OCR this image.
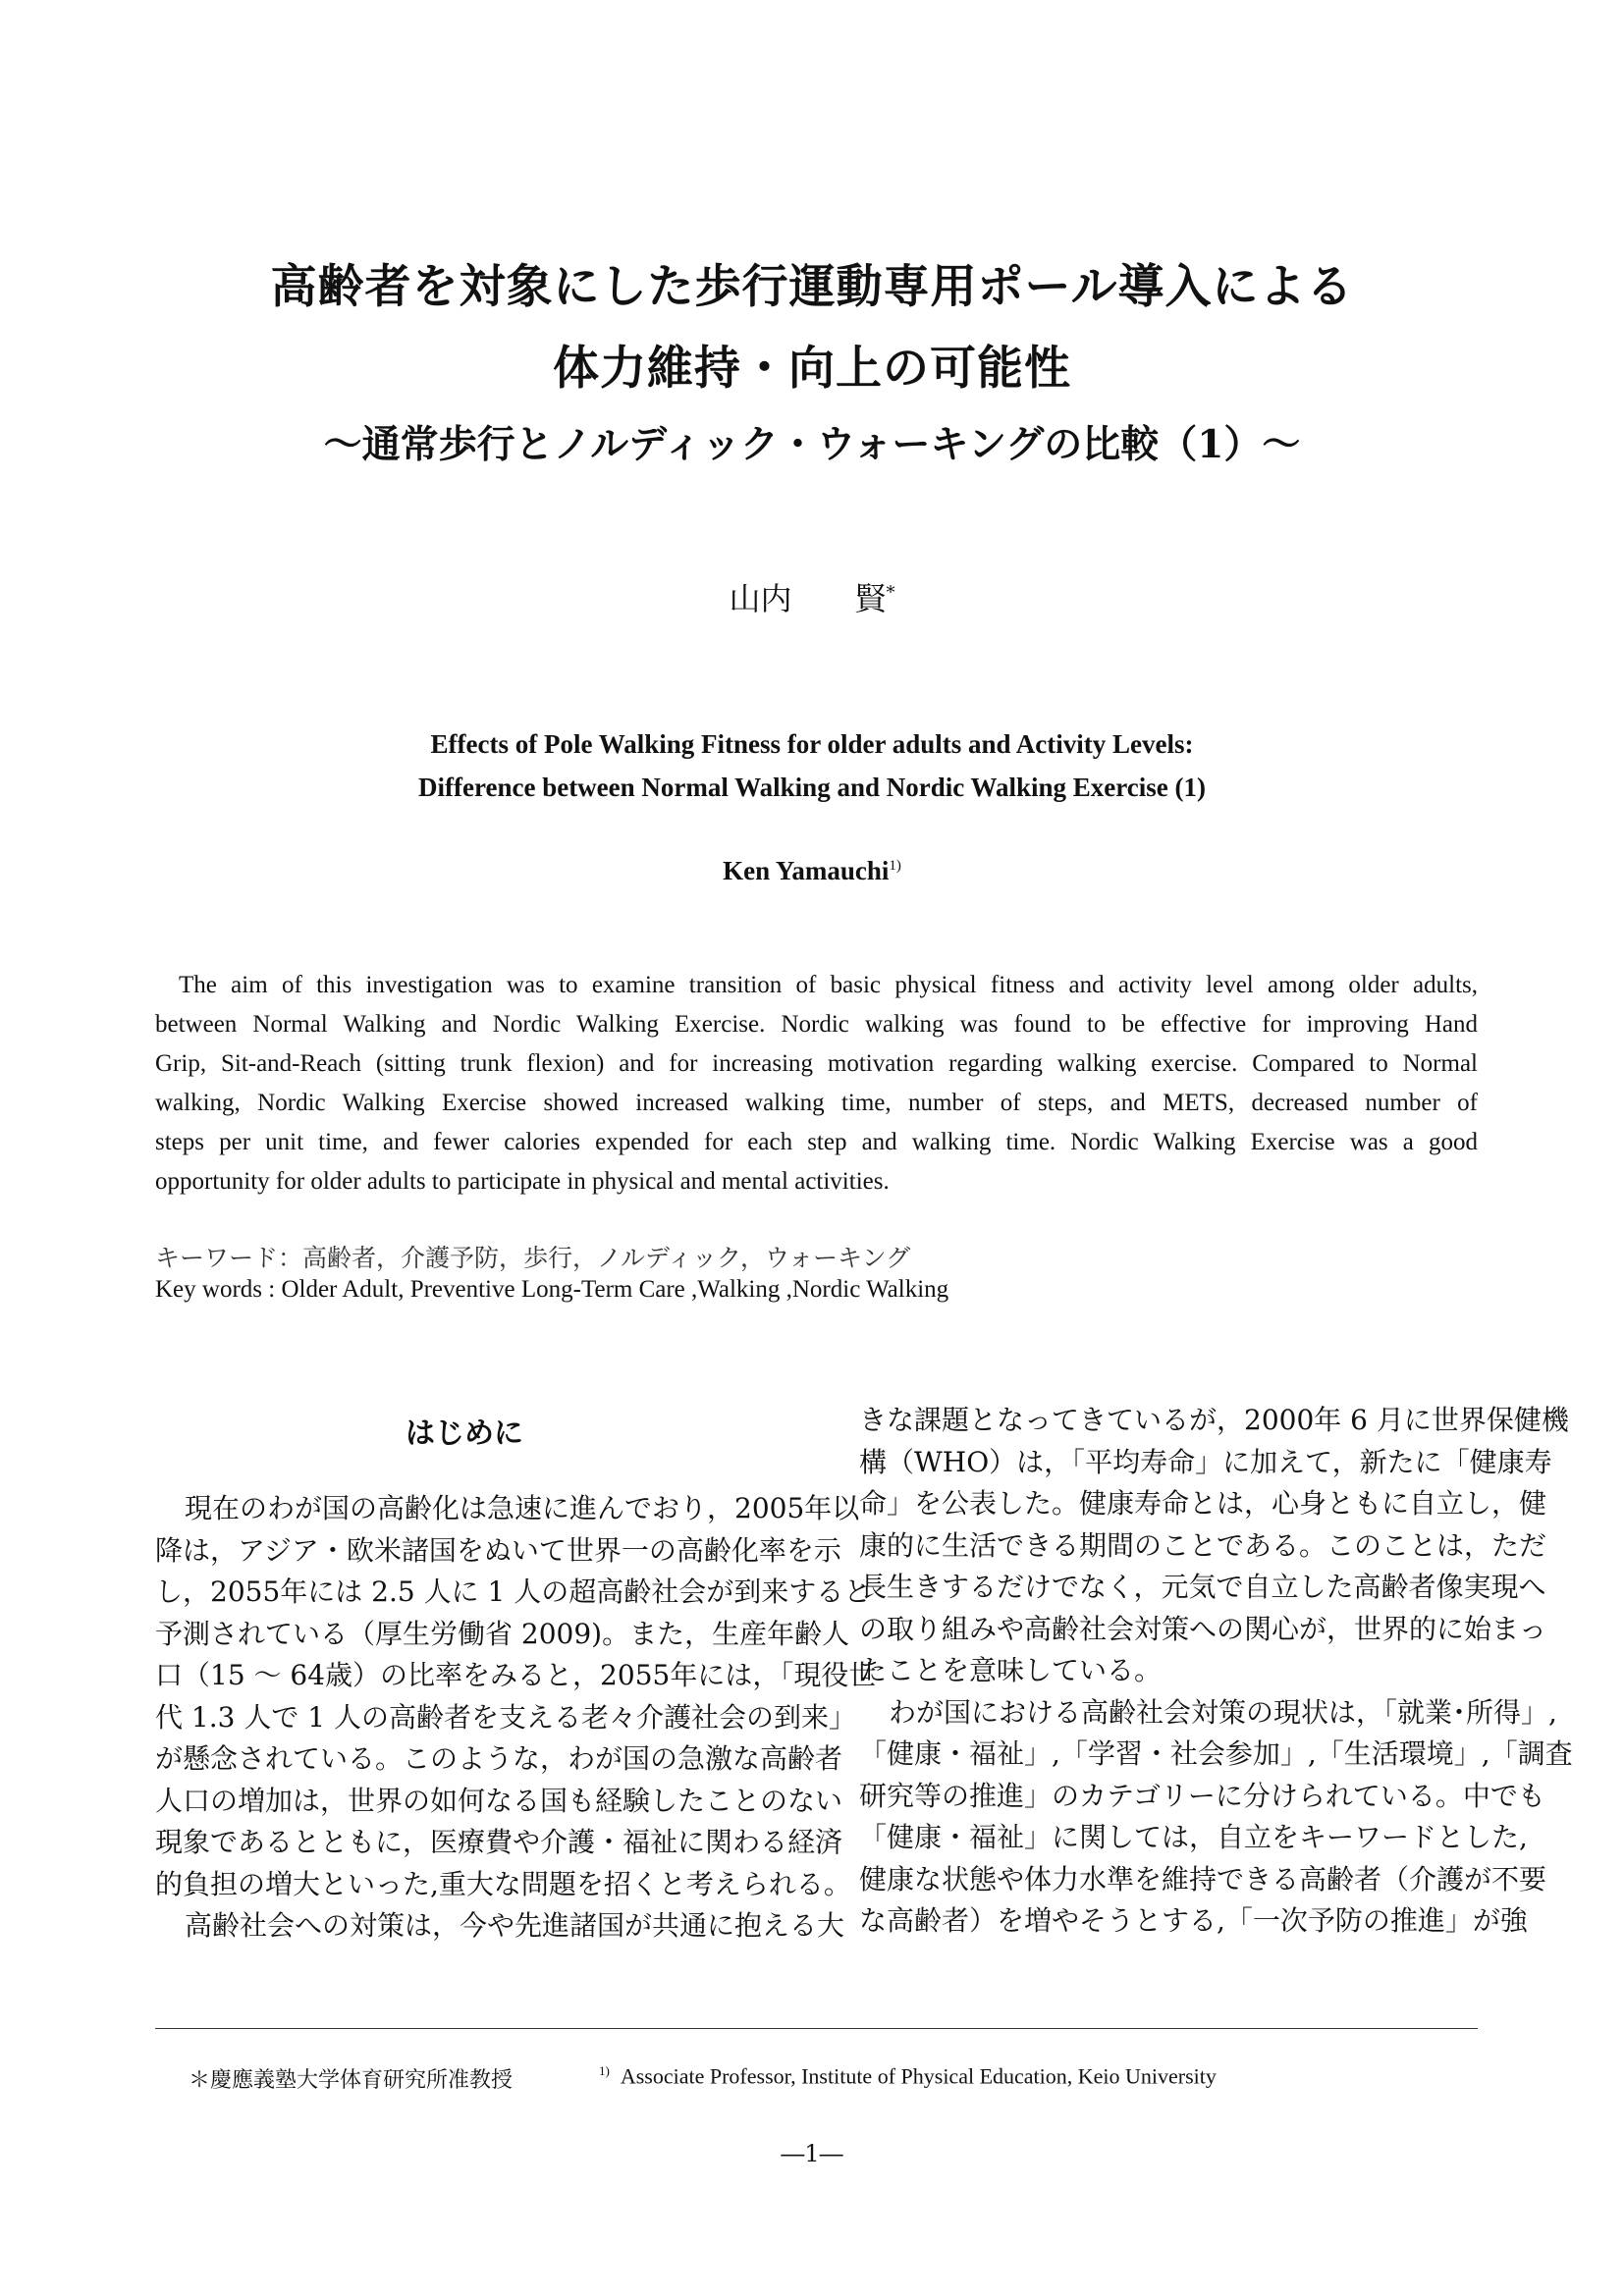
高齢者を対象にした歩行運動専用ポール導入による
体力維持・向上の可能性
～通常歩行とノルディック・ウォーキングの比較（1）～
山内　　賢*
Effects of Pole Walking Fitness for older adults and Activity Levels:
Difference between Normal Walking and Nordic Walking Exercise (1)
Ken Yamauchi$^{1)}$
The aim of this investigation was to examine transition of basic physical fitness and activity level among older adults,
between Normal Walking and Nordic Walking Exercise. Nordic walking was found to be effective for improving Hand
Grip, Sit-and-Reach (sitting trunk flexion) and for increasing motivation regarding walking exercise. Compared to Normal
walking, Nordic Walking Exercise showed increased walking time, number of steps, and METS, decreased number of
steps per unit time, and fewer calories expended for each step and walking time. Nordic Walking Exercise was a good
opportunity for older adults to participate in physical and mental activities.
キーワード：高齢者，介護予防，歩行，ノルディック，ウォーキング
Key words : Older Adult, Preventive Long-Term Care ,Walking ,Nordic Walking
はじめに
現在のわが国の高齢化は急速に進んでおり，2005年以
降は，アジア・欧米諸国をぬいて世界一の高齢化率を示
し，2055年には 2.5 人に 1 人の超高齢社会が到来すると
予測されている（厚生労働省 2009)。また，生産年齢人
口（15 ～ 64歳）の比率をみると，2055年には，「現役世
代 1.3 人で 1 人の高齢者を支える老々介護社会の到来」
が懸念されている。このような，わが国の急激な高齢者
人口の増加は，世界の如何なる国も経験したことのない
現象であるとともに，医療費や介護・福祉に関わる経済
的負担の増大といった,重大な問題を招くと考えられる。
高齢社会への対策は，今や先進諸国が共通に抱える大
きな課題となってきているが，2000年 6 月に世界保健機
構（WHO）は，「平均寿命」に加えて，新たに「健康寿
命」を公表した。健康寿命とは，心身ともに自立し，健
康的に生活できる期間のことである。このことは，ただ
長生きするだけでなく，元気で自立した高齢者像実現へ
の取り組みや高齢社会対策への関心が，世界的に始まっ
たことを意味している。
わが国における高齢社会対策の現状は，「就業･所得」,
「健康・福祉」,「学習・社会参加」,「生活環境」,「調査
研究等の推進」のカテゴリーに分けられている。中でも
「健康・福祉」に関しては，自立をキーワードとした,
健康な状態や体力水準を維持できる高齢者（介護が不要
な高齢者）を増やそうとする,「一次予防の推進」が強
＊慶應義塾大学体育研究所准教授	$^{1)}$ Associate Professor, Institute of Physical Education, Keio University
―1―
